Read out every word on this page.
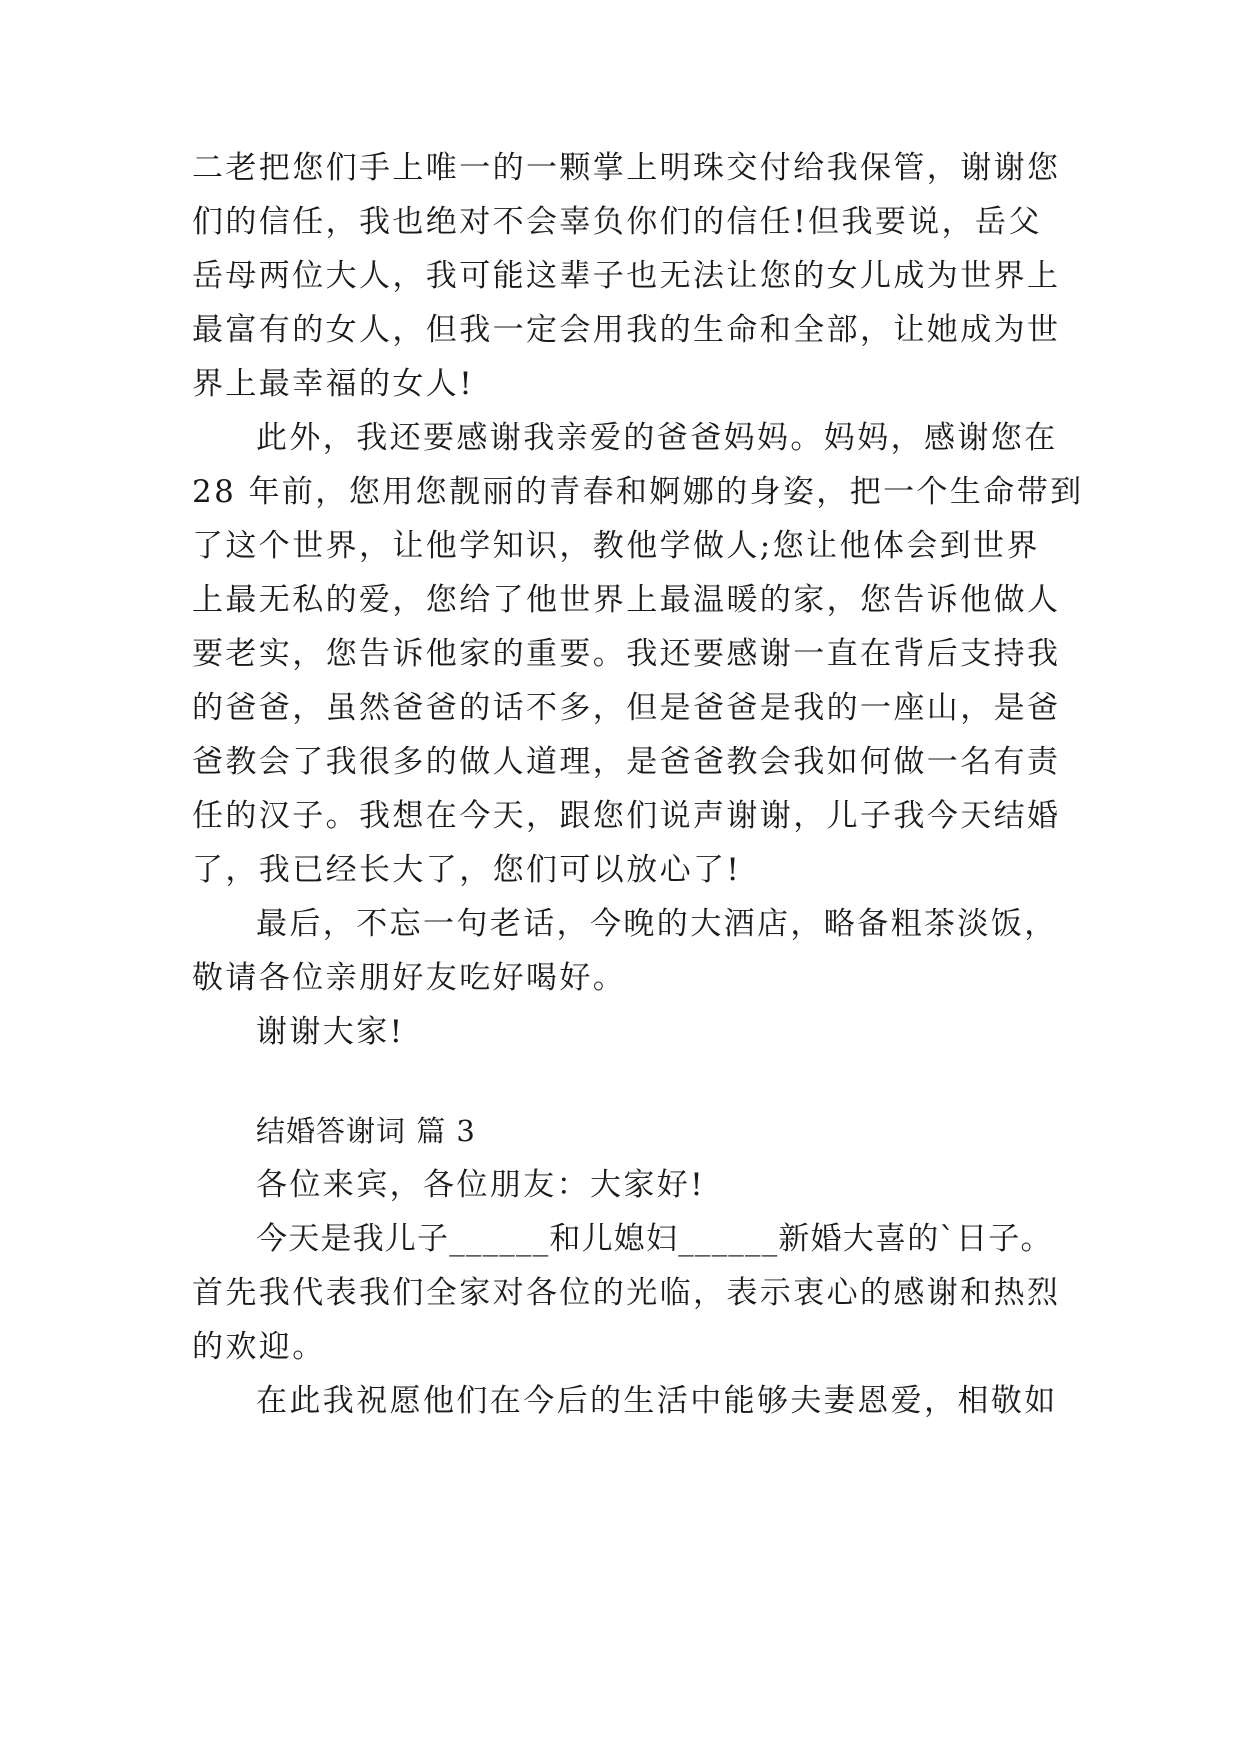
二老把您们手上唯一的一颗掌上明珠交付给我保管，谢谢您
们的信任，我也绝对不会辜负你们的信任!但我要说，岳父
岳母两位大人，我可能这辈子也无法让您的女儿成为世界上
最富有的女人，但我一定会用我的生命和全部，让她成为世
界上最幸福的女人!
此外，我还要感谢我亲爱的爸爸妈妈。妈妈，感谢您在
28 年前，您用您靓丽的青春和婀娜的身姿，把一个生命带到
了这个世界，让他学知识，教他学做人;您让他体会到世界
上最无私的爱，您给了他世界上最温暖的家，您告诉他做人
要老实，您告诉他家的重要。我还要感谢一直在背后支持我
的爸爸，虽然爸爸的话不多，但是爸爸是我的一座山，是爸
爸教会了我很多的做人道理，是爸爸教会我如何做一名有责
任的汉子。我想在今天，跟您们说声谢谢，儿子我今天结婚
了，我已经长大了，您们可以放心了!
最后，不忘一句老话，今晚的大酒店，略备粗茶淡饭，
敬请各位亲朋好友吃好喝好。
谢谢大家!
结婚答谢词 篇 3
各位来宾，各位朋友：大家好!
今天是我儿子______和儿媳妇______新婚大喜的`日子。
首先我代表我们全家对各位的光临，表示衷心的感谢和热烈
的欢迎。
在此我祝愿他们在今后的生活中能够夫妻恩爱，相敬如
